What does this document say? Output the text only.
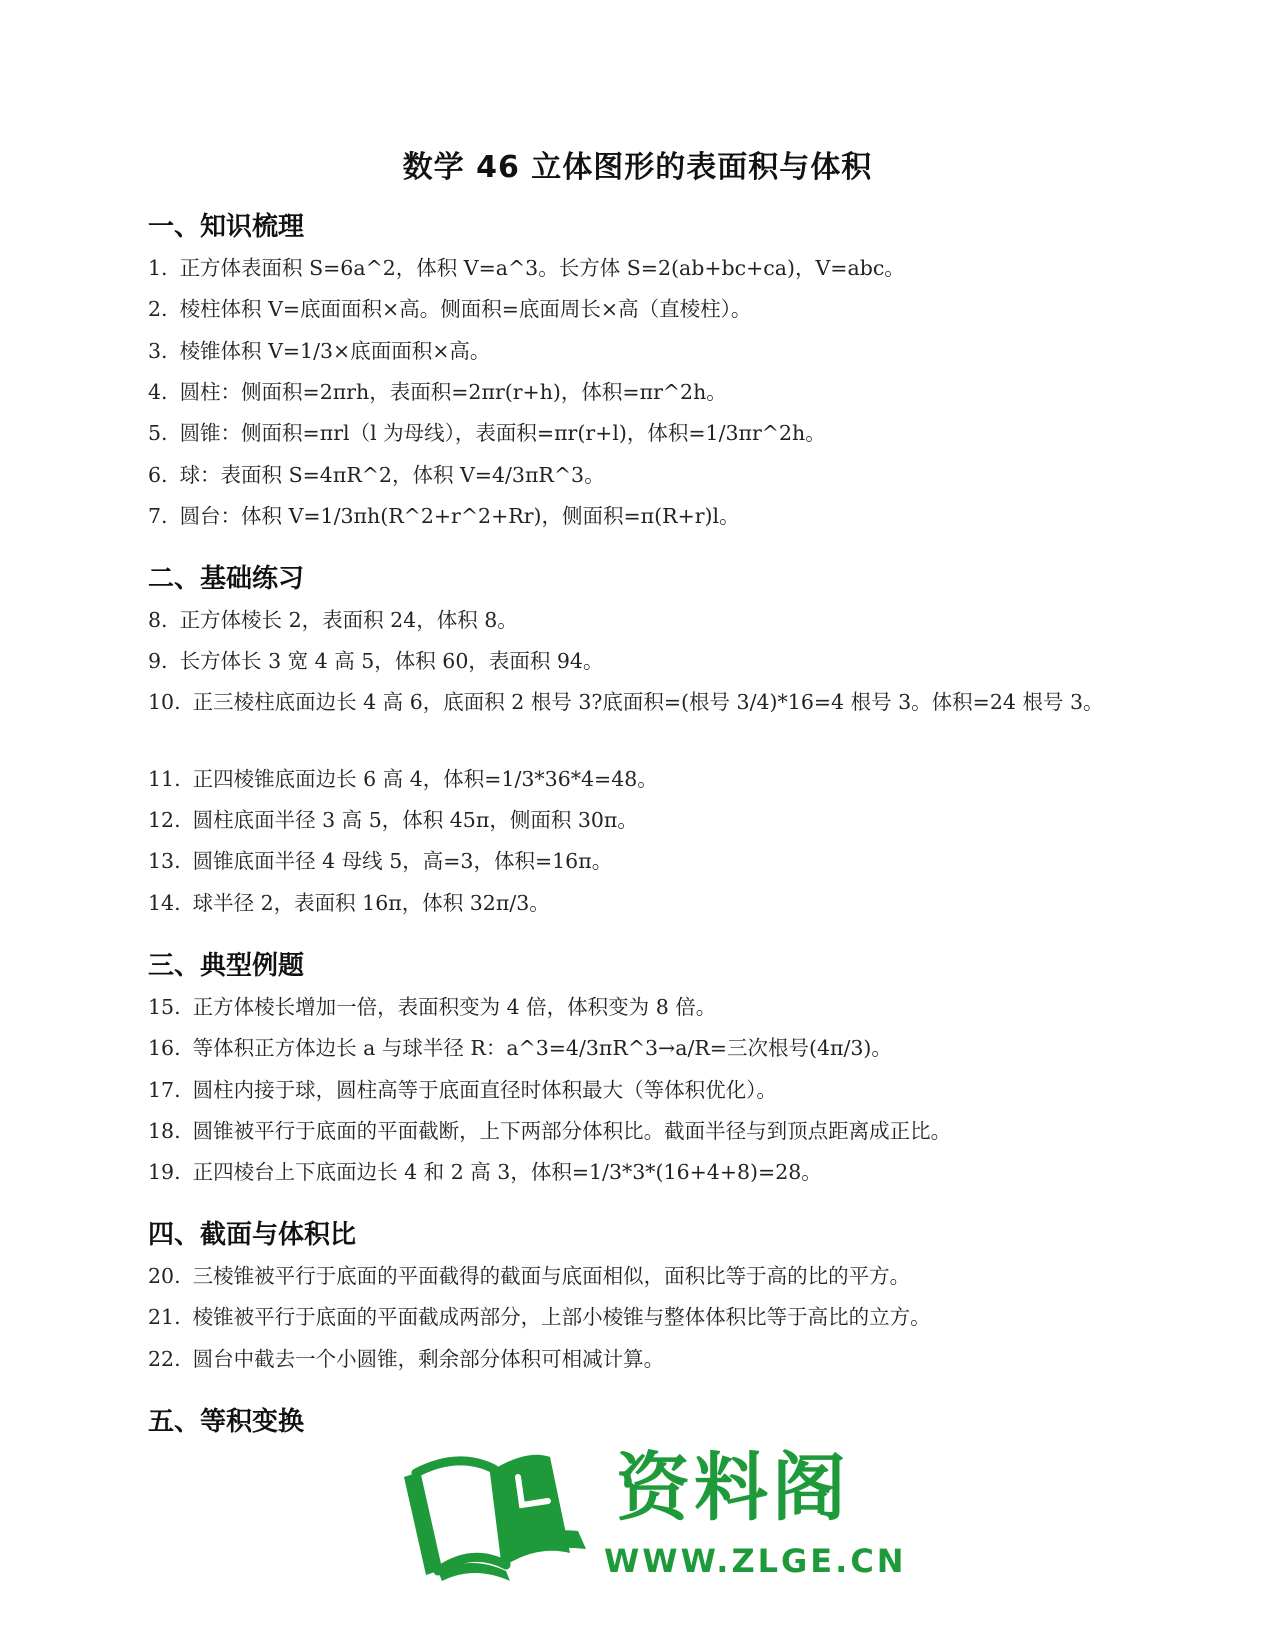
数学 46 立体图形的表面积与体积
一、知识梳理
1. 正方体表面积 S=6a^2，体积 V=a^3。长方体 S=2(ab+bc+ca)，V=abc。
2. 棱柱体积 V=底面面积×高。侧面积=底面周长×高（直棱柱）。
3. 棱锥体积 V=1/3×底面面积×高。
4. 圆柱：侧面积=2πrh，表面积=2πr(r+h)，体积=πr^2h。
5. 圆锥：侧面积=πrl（l 为母线），表面积=πr(r+l)，体积=1/3πr^2h。
6. 球：表面积 S=4πR^2，体积 V=4/3πR^3。
7. 圆台：体积 V=1/3πh(R^2+r^2+Rr)，侧面积=π(R+r)l。
二、基础练习
8. 正方体棱长 2，表面积 24，体积 8。
9. 长方体长 3 宽 4 高 5，体积 60，表面积 94。
10. 正三棱柱底面边长 4 高 6，底面积 2 根号 3?底面积=(根号 3/4)*16=4 根号 3。体积=24 根号 3。
11. 正四棱锥底面边长 6 高 4，体积=1/3*36*4=48。
12. 圆柱底面半径 3 高 5，体积 45π，侧面积 30π。
13. 圆锥底面半径 4 母线 5，高=3，体积=16π。
14. 球半径 2，表面积 16π，体积 32π/3。
三、典型例题
15. 正方体棱长增加一倍，表面积变为 4 倍，体积变为 8 倍。
16. 等体积正方体边长 a 与球半径 R：a^3=4/3πR^3→a/R=三次根号(4π/3)。
17. 圆柱内接于球，圆柱高等于底面直径时体积最大（等体积优化）。
18. 圆锥被平行于底面的平面截断，上下两部分体积比。截面半径与到顶点距离成正比。
19. 正四棱台上下底面边长 4 和 2 高 3，体积=1/3*3*(16+4+8)=28。
四、截面与体积比
20. 三棱锥被平行于底面的平面截得的截面与底面相似，面积比等于高的比的平方。
21. 棱锥被平行于底面的平面截成两部分，上部小棱锥与整体体积比等于高比的立方。
22. 圆台中截去一个小圆锥，剩余部分体积可相减计算。
五、等积变换
资料阁
WWW.ZLGE.CN
